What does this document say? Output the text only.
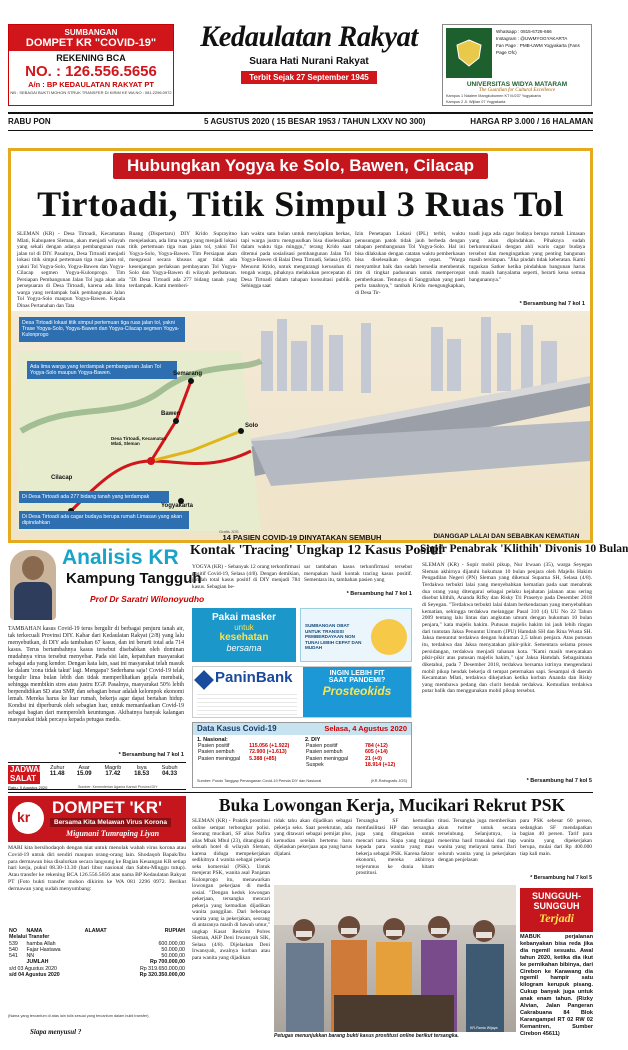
SUMBANGAN
DOMPET KR "COVID-19"
REKENING BCA
NO. : 126.556.5656
A/n : BP KEDAULATAN RAKYAT PT
NB : SEBAGAI BUKTI MOHON STRUK TRANSFER DI KIRIM KE WA NO : 081.2296.0972
Kedaulatan Rakyat
Suara Hati Nurani Rakyat
Terbit Sejak 27 September 1945
Whatsapp : 0815-6726-666
Instagram : @UWMYOGYAKARTA
Fan Page : PMB-UWM Yogyakarta (Fans Page Ofc)
UNIVERSITAS WIDYA MATARAM
The Guardian for Cultural Excellence
Kampus 1 Ndalem Mangkubumen KT III/237 Yogyakarta
Kampus 2 Jl. Wijilan 07 Yogyakarta
RABU PON	5 AGUSTUS 2020 ( 15 BESAR 1953 / TAHUN LXXV NO 300)	HARGA RP 3.000 / 16 HALAMAN
Hubungkan Yogya ke Solo, Bawen, Cilacap
Tirtoadi, Titik Simpul 3 Ruas Tol
SLEMAN (KR) - Desa Tirtoadi, Kecamatan Mlati, Kabupaten Sleman, akan menjadi wilayah yang sekali dengan adanya pembangunan ruas jalan tol di DIY. Pasalnya, Desa Tirtoadi menjadi lokasi titik simpul pertemuan tiga ruas jalan tol, yakni Tol Yogya-Solo, Yogya-Bawen dan Yogya-Cilacap segmen Yogya-Kulonprogo. Tim Persiapan Pembangunan Jalan Tol juga akan ada persepuaran di Desa Tirtoadi, karena ada lima warga yang terdampak baik pembangunan Jalan Tol Yogya-Solo maupun Yogya-Bawen. Kepala Dinas Pertanahan dan Tata
Ruang (Dispertaru) DIY Krido Suprayitno menjelaskan, ada lima warga yang menjadi lokasi titik pertemuan tiga ruas jalan tol, yakni Tol Yogya-Solo, Yogya-Bawen. Tim Persiapan akan mengawal secara khusus agar tidak ada kesenjangan perlakuan pembayaran Tol Yogya-Solo dan Yogya-Bawen di wilayah perbatasan. "Di Desa Tirtoadi ada 277 bidang tanah yang terdampak. Kami memberi-
kan waktu satu bulan untuk menyiapkan berkas, tapi warga justru mengusulkan bisa diselesaikan dalam waktu tiga minggu," terang Krido saat ditemui pada sosialisasi pembangunan Jalan Tol Yogya-Bawen di Balai Desa Tirtoadi, Selasa (4/8). Menurut Krido, untuk mengurangi kerusuhan di tengah warga, pihaknya melakukan percepatan di Desa Tirtoadi dalam tahapan konsultasi publik. Sehingga saat
Izin Penetapan Lokasi (IPL) terbit, waktu penusungan patok tidak jauh berbeda dengan tahapan pembangunan Tol Yogya-Solo. Hal ini bisa dilakukan dengan catatan waktu pemberkasan bisa diselesaikan dengan cepat. "Warga menyambut baik dan sudah bersedia membentuk tim di tingkat padusunan untuk mempercepat pemberkasan. Tentunya di Sanggrahan yang pasti perlu tanahnya," tambah Krido mengungkapkan, di Desa Tir-
toadi juga ada cagar budaya berupa rumah Limasan yang akan dipindahkan. Pihaknya sudah berkomunikasi dengan ahli waris cagar budaya tersebut dan mengingatkan yang penting bangunan masih tersimpan. "Jika pindah tidak keberatan. Kami tugaskan Satker ketika pindahkan bangunan harus utuh masih hanyalama seperti, berarti kena semua bangunannya."
* Bersambung hal 7 kol 1
Desa Tirtoadi lokasi titik simpul pertemuan tiga ruas jalan tol, yakni Trase Yogya-Solo, Yogya-Bawen dan Yogya-Cilacap segmen Yogya-Kulonprogo
Ada lima warga yang terdampak pembangunan Jalan Tol Yogya-Solo maupun Yogya-Bawen.
Di Desa Tirtoadi ada 277 bidang tanah yang terdampak
Di Desa Tirtoadi ada cagar budaya berupa rumah Limasan yang akan dipindahkan
Semarang
Solo
Bawen
Desa Tirtoadi, Kecamatan Mlati, Sleman
Yogyakarta
Cilacap
Grafis JOS
Analisis KR
Kampung Tangguh
Prof Dr Saratri Wilonoyudho
TAMBAHAN kasus Covid-19 terus bergulir di berbagai penjuru tanah air, tak terkecuali Provinsi DIY. Kabar dari Kedaulatan Rakyat (2/8) yang lalu menyebutkan, di DIY ada tambahan 67 kasus, dan ini berarti total ada 714 kasus. Terus bertambahnya kasus tersebut disebabkan oleh dominan mudahnya virus tersebut menyebar. Pada sisi lain, kepatuhan masyarakat sebagai ada yang kendor. Dengan kata lain, saat ini masyarakat telah masuk ke dalam 'zona tidak takut' lagi. Mengapa? Sederhana saja! Covid-19 telah bergulir lima bulan lebih dan tidak memperlihatkan gejala membaik, sehingga membikin stres atau justru EGP. Pasalnya, masyarakat 50% lebih berpendidikan SD atau SMP, dan sebagian besar adalah kelompok ekonomi lemah. Mereka harus ke luar rumah, bekerja agar dapat bertahan hidup. Kondisi ini diperburuk oleh sebagian luar, untuk memanfaatkan Covid-19 sebagai bagian dari memperoleh keuntungan. Akibatnya banyak kalangan masyarakat tidak percaya kepada petugas medis.
* Bersambung hal 7 kol 1
JADWAL SALAT
Rabu, 5 Agustus 2020
Zuhur	Asar	Magrib	Isya	Subuh
11.48	15.09	17.42	18.53	04.33
Sumber: Kementerian Agama Kanwil Provinsi DIY
14 PASIEN COVID-19 DINYATAKAN SEMBUH
Kontak 'Tracing' Ungkap 12 Kasus Positif
YOGYA (KR) - Sebanyak 12 orang terkonfirmasi positif Covid-19, Selasa (4/8). Dengan demikian, jumlah total kasus positif di DIY menjadi 784 kasus. Sebagian be-
sar tambahan kasus terkonfirmasi tersebut merupakan hasil kontak tracing kasus positif. Sementara itu, tambahan pasien yang
* Bersambung hal 7 kol 1
Pakai masker
untuk
kesehatan
bersama
SUMBANGAN OBAT UNTUK TRANSISI PEMBERDAYAAN NON TUNAI LEBIH CEPAT DAN MUDAH
PaninBank	INGIN LEBIH FIT
SAAT PANDEMI?
Prosteokids
Data Kasus Covid-19	Selasa, 4 Agustus 2020
1. Nasional:
Pasien positif	115.056 (+1.922)
Pasien sembuh	72.900 (+1.613)
Pasien meninggal	5.388 (+85)
2. DIY
Pasien positif	784 (+12)
Pasien sembuh	605 (+14)
Pasien meninggal	21 (+0)
Suspek	18.914 (+12)
Sumber: Pusdo Tanggap Penanganan Covid-19 Pemda DIY dan Nasional	(KR-Rafrografis JOS)
DIANGGAP LALAI DAN SEBABKAN KEMATIAN
Sopir Penabrak 'Klithih' Divonis 10 Bulan
SLEMAN (KR) - Sopir mobil pikup, Nur Irwaan (35), warga Seyegan Sleman akhirnya dijatuhi hukuman 10 bulan penjara oleh Majelis Hakim Pengadilan Negeri (PN) Sleman yang diketuai Suparna SH, Selasa (4/8). Terdakwa terbukti lalai yang menyebabkan kematian pada saat menabrak dua orang yang ditengarai sebagai pelaku kejahatan jalanan atau sering disebut klithih, Ananda Rifky dan Risky Tri Prasetyo pada Desember 2018 di Seyegan. "Terdakwa terbukti lalai dalam berkendaraan yang menyebabkan kematian, sehingga terdakwa melanggar Pasal 310 (4) UU No 22 Tahun 2009 tentang lalu lintas dan angkutan umum dengan hukuman 10 bulan penjara," kata majelis hakim. Putusan majelis hakim ini jauh lebih ringan dari tuntutan Jaksa Penuntut Umum (JPU) Hamdah SH dan Rina Wusta SH. Jaksa menuntut terdakwa dengan hukuman 2,5 tahun penjara. Atas putusan itu, terdakwa dan Jaksa menyatakan pikir-pikir. Sementara selama proses persidangan, terdakwa menjadi tahanan kota. "Kami masih menyatakan pikir-pikir atas putusan majelis hakim," ujar Jaksa Hamdah. Sebagaimana diketahui, pada 7 Desember 2018, terdakwa bersama istrinya mengendarai mobil pikup hendak bekerja di tempat peternakan sapi. Sesampai di daerah Kecamatan Mlati, terdakwa dikejutkan ketika korban Ananda dan Risky yang membawa pedang dan clurit hendak terdakwa. Kemudian terdakwa putar balik dan menggunakan mobil pikup tersebut.
* Bersambung hal 7 kol 5
kr DOMPET 'KR'
Bersama Kita Melawan Virus Korona
Migunani Tumraping Liyan
MARI kita bersihodaqoh dengan niat untuk menolak wabah virus korona atau Covid-19 untuk diri sendiri maupun orang-orang lain. Shodaqoh Bapak/Ibu para dermawan bisa disalurkan secara langsung ke Bagian Keuangan KR setiap hari kerja, pukul 08.30-13.30 (hari libur nasional dan Sabtu-Minggu tutup). Atau transfer ke rekening BCA 126.556.5656 atas nama BP Kedaulatan Rakyat PT (Foto bukti transfer mohon dikirim ke WA 081 2296 0972. Berikut dermawan yang sudah menyumbang:
NO	NAMA	ALAMAT	RUPIAH
Melalui Transfer			
539	hamba Allah		600.000,00
540	Fajar Hastawa		50.000,00
541	NN		50.000,00
	JUMLAH		Rp 700.000,00
s/d 03 Agustus 2020			Rp 319.650.000,00
s/d 04 Agustus 2020			Rp 320.350.000,00
(Nama yang tercantum di atas lain tulis sesuai yang tercantum dalam bukti transfer)
Siapa menyusul ?
Buka Lowongan Kerja, Mucikari Rekrut PSK
SLEMAN (KR) - Praktik prostitusi online sempat terbongkar polisi. Seorang mucikari, SF alias Nafira alias Mbak Mbul (23), ditangkap di sebuah hotel di wilayah Sleman, karena diduga mempekerjakan sedikitnya 4 wanita sebagai pekerja seks komersial (PSK). Untuk menjerat PSK, wanita asal Panjatan Kulonprogo itu, menawarkan lowongan pekerjaan di media sosial. "Dengan kedok lowongan pekerjaan, tersangka mencari pekerja yang kemudian dijadikan wanita panggilan. Dari beberapa wanita yang ia pekerjakan, seorang di antaranya masih di bawah umur," ungkap Kasat Reskrim Polres Sleman, AKP Deni Irwansyah SIK, Selasa (4/8). Dijelaskan Deni Irwansyah, awalnya korban atau para wanita yang dijadikan
tidak tahu akan dijadikan sebagai pekerja seks. Saat perekrutan, ada yang ditawari sebagai pemijat plus, kemudian setelah bertemu baru dijelaskan pekerjaan apa yang harus dijalani.
Tersangka SF kemudian memfasilitasi HP dan tersangka juga yang ditugaskan untuk mencari tamu. Siapa yang tinggal kepada para wanita yang mau bekerja sebagai PSK. Karena faktor ekonomi, mereka akhirnya terjerumus ke dunia hitam prostitusi.
titusi. Tersangka juga memberikan akun twitter untuk secara terselubung. Selanjutnya, ia menerima hasil transaksi dari tiap wanita yang melayani tamu. Dari seluruh wanita yang ia pekerjakan dengan penjelasan
para PSK sebesar 60 persen, sedangkan SF mendapatkan bagian 40 persen. Tarif para wanita yang dipekerjakan berupa, mulai dari Rp 400.000 tiap kali main.
* Bersambung hal 7 kol 5
Petugas menunjukkan barang bukti kasus prostitusi online berikut tersangka.
KR-Ranto Wijaya
SUNGGUH-
SUNGGUH
Terjadi
MABUK perjalanan kebanyakan bisa reda jika dia ngemil sesuatu. Awal tahun 2020, ketika dia ikut ke pernikahan bibinya, dari Cirebon ke Karawang dia ngemil hampir satu kilogram kerupuk pisang. Cukup banyak juga untuk anak enam tahun. (Rizky Alvian, Jalan Pangeran Cakrabuana 84 Blok Karangampel RT 02 RW 02 Kemantren, Sumber Cirebon 45611)
